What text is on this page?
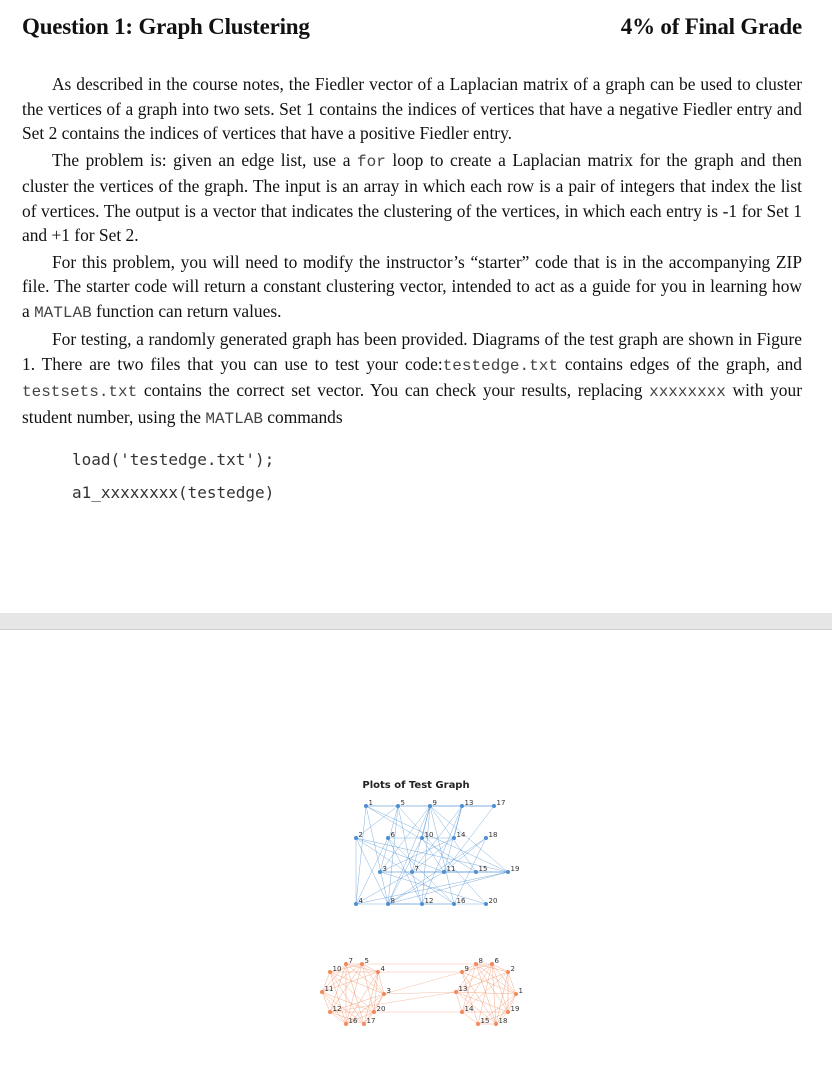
Question 1: Graph Clustering	4% of Final Grade

As described in the course notes, the Fiedler vector of a Laplacian matrix of a graph can be used to cluster the vertices of a graph into two sets. Set 1 contains the indices of vertices that have a negative Fiedler entry and Set 2 contains the indices of vertices that have a positive Fiedler entry.

The problem is: given an edge list, use a for loop to create a Laplacian matrix for the graph and then cluster the vertices of the graph. The input is an array in which each row is a pair of integers that index the list of vertices. The output is a vector that indicates the clustering of the vertices, in which each entry is -1 for Set 1 and +1 for Set 2.

For this problem, you will need to modify the instructor’s “starter” code that is in the accompanying ZIP file. The starter code will return a constant clustering vector, intended to act as a guide for you in learning how a MATLAB function can return values.

For testing, a randomly generated graph has been provided. Diagrams of the test graph are shown in Figure 1. There are two files that you can use to test your code:testedge.txt contains edges of the graph, and testsets.txt contains the correct set vector. You can check your results, replacing xxxxxxxx with your student number, using the MATLAB commands

load('testedge.txt');
a1_xxxxxxxx(testedge)
Plots of Test Graph
1
2
3
4
5
6
7
8
9
10
11
12
13
14
15
16
17
18
19
20
1
2
3
4
5	6
7	8
9
10
11
12
13
14
15
16 17	18
19
20
